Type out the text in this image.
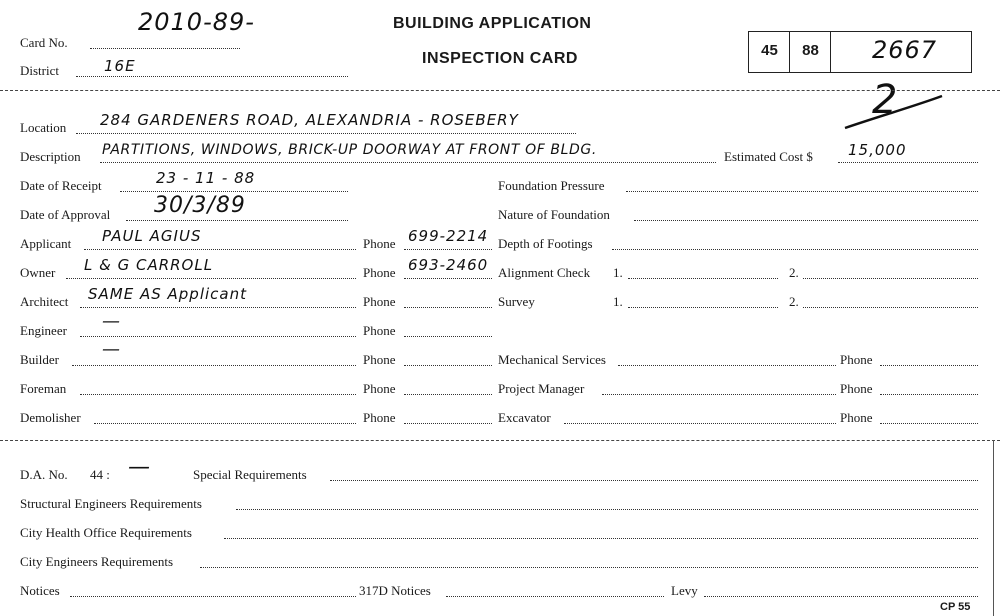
Card No.
2010-89-
District	16E
BUILDING APPLICATION
INSPECTION CARD	45	88	2667
2
Location 284 GARDENERS ROAD, ALEXANDRIA - ROSEBERY
Description PARTITIONS, WINDOWS, BRICK-UP DOORWAY AT FRONT OF BLDG.	Estimated Cost $ 15,000
Date of Receipt	23 - 11 - 88	Foundation Pressure
Date of Approval 30/3/89	Nature of Foundation
Applicant PAUL AGIUS	Phone 699-2214 Depth of Footings
Owner L & G CARROLL	Phone 693-2460 Alignment Check 1.	2.
Architect SAME AS Applicant	Phone	Survey	1.	2.
Engineer —	Phone
Builder —	Phone	Mechanical Services	Phone
Foreman	Phone	Project Manager	Phone
Demolisher	Phone	Excavator	Phone
D.A. No. 44 : —	Special Requirements
Structural Engineers Requirements
City Health Office Requirements
City Engineers Requirements
Notices	317D Notices	Levy
CP 55
